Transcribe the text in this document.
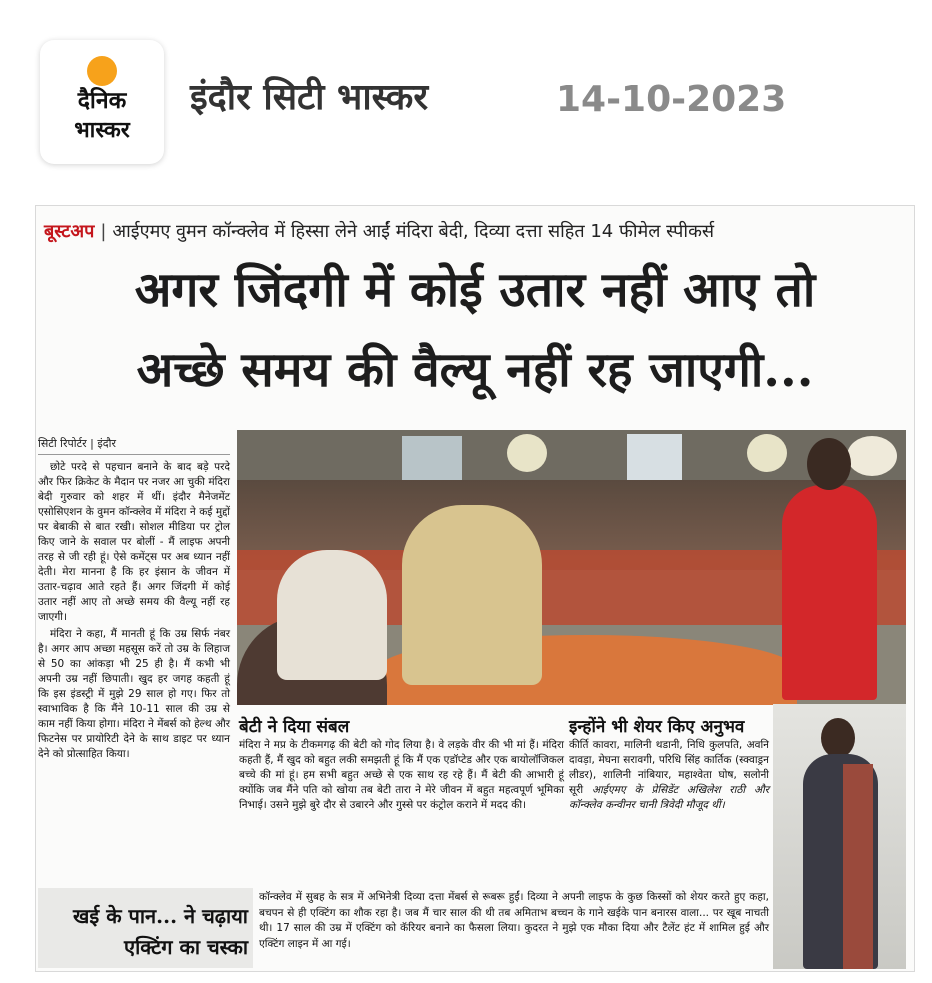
दैनिक
भास्कर
इंदौर सिटी भास्कर	14-10-2023
बूस्टअप | आईएमए वुमन कॉन्क्लेव में हिस्सा लेने आईं मंदिरा बेदी, दिव्या दत्ता सहित 14 फीमेल स्पीकर्स
अगर जिंदगी में कोई उतार नहीं आए तो
अच्छे समय की वैल्यू नहीं रह जाएगी...
सिटी रिपोर्टर | इंदौर

छोटे परदे से पहचान बनाने के बाद बड़े परदे और फिर क्रिकेट के मैदान पर नजर आ चुकी मंदिरा बेदी गुरुवार को शहर में थीं। इंदौर मैनेजमेंट एसोसिएशन के वुमन कॉन्क्लेव में मंदिरा ने कई मुद्दों पर बेबाकी से बात रखी। सोशल मीडिया पर ट्रोल किए जाने के सवाल पर बोलीं - मैं लाइफ अपनी तरह से जी रही हूं। ऐसे कमेंट्स पर अब ध्यान नहीं देती। मेरा मानना है कि हर इंसान के जीवन में उतार-चढ़ाव आते रहते हैं। अगर जिंदगी में कोई उतार नहीं आए तो अच्छे समय की वैल्यू नहीं रह जाएगी।

मंदिरा ने कहा, मैं मानती हूं कि उम्र सिर्फ नंबर है। अगर आप अच्छा महसूस करें तो उम्र के लिहाज से 50 का आंकड़ा भी 25 ही है। मैं कभी भी अपनी उम्र नहीं छिपाती। खुद हर जगह कहती हूं कि इस इंडस्ट्री में मुझे 29 साल हो गए। फिर तो स्वाभाविक है कि मैंने 10-11 साल की उम्र से काम नहीं किया होगा। मंदिरा ने मेंबर्स को हेल्थ और फिटनेस पर प्रायोरिटी देने के साथ डाइट पर ध्यान देने को प्रोत्साहित किया।

बेटी ने दिया संबल

मंदिरा ने मप्र के टीकमगढ़ की बेटी को गोद लिया है। वे लड़के वीर की भी मां हैं। मंदिरा कहती हैं, मैं खुद को बहुत लकी समझती हूं कि मैं एक एडॉप्टेड और एक बायोलॉजिकल बच्चे की मां हूं। हम सभी बहुत अच्छे से एक साथ रह रहे हैं। मैं बेटी की आभारी हूं क्योंकि जब मैंने पति को खोया तब बेटी तारा ने मेरे जीवन में बहुत महत्वपूर्ण भूमिका निभाई। उसने मुझे बुरे दौर से उबारने और गुस्से पर कंट्रोल कराने में मदद की।

इन्होंने भी शेयर किए अनुभव

कीर्ति कावरा, मालिनी थडानी, निधि कुलपति, अवनि दावड़ा, मेघना सरावगी, परिधि सिंह कार्तिक (स्क्वाड्रन लीडर), शालिनी नांबियार, महाश्वेता घोष, सलोनी सूरी आईएमए के प्रेसिडेंट अखिलेश राठी और कॉन्क्लेव कन्वीनर चानी त्रिवेदी मौजूद थीं।

खई के पान... ने चढ़ाया
एक्टिंग का चस्का

कॉन्क्लेव में सुबह के सत्र में अभिनेत्री दिव्या दत्ता मेंबर्स से रूबरू हुईं। दिव्या ने अपनी लाइफ के कुछ किस्सों को शेयर करते हुए कहा, बचपन से ही एक्टिंग का शौक रहा है। जब मैं चार साल की थी तब अमिताभ बच्चन के गाने खईके पान बनारस वाला... पर खूब नाचती थी। 17 साल की उम्र में एक्टिंग को कॅरियर बनाने का फैसला लिया। कुदरत ने मुझे एक मौका दिया और टैलेंट हंट में शामिल हुई और एक्टिंग लाइन में आ गई।
